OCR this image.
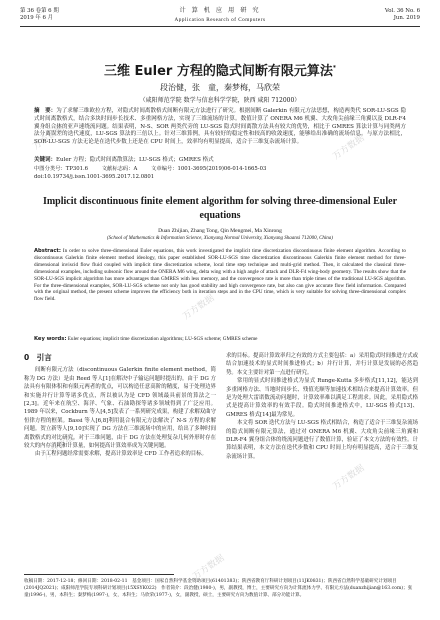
万方数据	万方数据
万方数据
万方数据
万方数据
万方数据
第 36 卷第 6 期
2019 年 6 月
计 算 机 应 用 研 究
Application Research of Computers
Vol. 36 No. 6
Jun. 2019
三维 Euler 方程的隐式间断有限元算法*
段治健，张　童，秦梦梅，马欣荣
（咸阳师范学院 数学与信息科学学院，陕西 咸阳 712000）
摘　要：为了求解三维欧拉方程，对隐式时间离散格式间断有限元方法进行了研究。根据间断 Galerkin 有限元方法思想，构造两类代 SOR-LU-SGS 隐式时间离散格式，结合多块时间步长技术、多重网格方法，实现了三维流场的计算。数值计算了 ONERA M6 机翼、大攻角尖前缘三角翼以及 DLR-F4 翼身组合体的亚声速绕流问题。结果表明，N-S、SOR 两类代旁的 LU-SGS 隐式时间离散方法具有较大的优势，相比于 GMRES 算法计算与同类两方法分离误差的迭代速度，LU-SGS 算法的三倍以上。针对三维算例，具有较好的稳定性和较高的收敛速度，能够给出准确的流场信息。与原方法相比，SOR-LU-SGS 方法无论是在迭代步数上还是在 CPU 时间上，效率均有明显提高，适合于三维复杂流场计算。
关键词：Euler 方程；隐式时间离散算法；LU-SGS 格式；GMRES 格式
中图分类号：TP301.6	文献标志码：A	文章编号：1001-3695(2019)06-014-1665-03
doi:10.19734/j.issn.1001-3695.2017.12.0801
Implicit discontinuous finite element algorithm for solving three-dimensional Euler equations
Duan Zhijian, Zhang Tong, Qin Mengmei, Ma Xinrong
(School of Mathematics & Information Science, Xianyang Normal University, Xianyang Shaanxi 712000, China)
Abstract: In order to solve three-dimensional Euler equations, this work investigated the implicit time discretization discontinuous finite element algorithm. According to discontinuous Galerkin finite element method ideology, this paper established SOR-LU-SGS time discretization discontinuous Galerkin finite element method for three-dimensional inviscid flow fluid coupled with implicit time discretization scheme, local time step technique and multi-grid method. Then, it calculated the classical three-dimensional examples, including subsonic flow around the ONERA M6 wing, delta wing with a high angle of attack and DLR-F4 wing-body geometry. The results show that the SOR-LU-SGS implicit algorithm has more advantages than GMRES with less memory, and the convergence rate is more than triple times of the traditional LU-SGS algorithm. For the three-dimensional examples, SOR-LU-SGS scheme not only has good stability and high convergence rate, but also can give accurate flow field information. Compared with the original method, the present scheme improves the efficiency both in iteration steps and in the CPU time, which is very suitable for solving three-dimensional complex flow field.
Key words: Euler equations; implicit time discretization algorithms; LU-SGS scheme; GMRES scheme
0　引言

间断有限元方法（discontinuous Galerkin finite element method，简称为 DG 方法）是由 Reed 等人[1]在解决中子输运问题时提出的。由于 DG 方法具有有限体积和有限元两者的优点，可以构造任意高阶的精度，易于处理边界和实施并行计算等诸多优点，所以被认为是 CFD 领域最具前景的算法之一[2,3]。近年来在航空、海洋、气象、石油勘探等诸多领域得到了广泛应用。1989 年以来，Cockburn 等人[4,5]发表了一系列研究成果，构建了求解双曲守恒律方程的框架。Bassi 等人[6,8]利用混合有限元方法解决了 N-S 方程的求解问题。贺立新等人[9,10]实现了 DG 方法在三维流场中的应用，给出了多种时间离散格式的对比研究。对于三维问题，由于 DG 方法在处理复杂几何外形时存在较大的内存消耗和计算量，如何提高计算效率成为关键问题。

由于工程问题经常需要求解，提高计算效率是 CFD 工作者追求的目标。

求的目标。提高计算效率归之有效的方式主要包括：a）采用隐式时间推进方式或结合加速技术的显式时间推进格式；b）并行计算，并行计算是发展的必然趋势。本文主要针对第一点进行研究。

常用的显式时间推进格式为显式 Runge-Kutta 多步格式[11,12]，能达到多重网格方法、当地时间步长、残值光顺等加速技术相结合来提高计算效率。但是为处理大雷诺数流动问题时，计算效率难以满足工程需求。因此，采用隐式格式是提高计算效率的有效手段。隐式时间推进格式中，LU-SGS 格式[13]、GMRES 格式[14]最为常见。

本文将 SOR 迭代方法与 LU-SGS 格式相结合，构造了适合于三维复杂流场的隐式间断有限元算法，通过对 ONERA M6 机翼、大攻角尖前缘三角翼和 DLR-F4 翼身组合体的绕流问题进行了数值计算，验证了本文方法的有效性。计算结果表明，本文方法在迭代步数和 CPU 时间上均有明显提高，适合于三维复杂流场计算。

收稿日期：2017-12-18；修回日期：2018-02-11　基金项目：国家自然科学基金资助项目(61401383)；陕西省教育厅科研计划项目(11JK0831)；陕西省自然科学基础研究计划项目(2014JQ2021)；咸阳师范学院专项科研计划项目(15XSYK022)　作者简介：段治健(1980-)，男，副教授，博士，主要研究方向为计算流体力学、有限元方法(duanzhijian@163.com)；张童(1996-)，男，本科生；秦梦梅(1997-)，女，本科生；马欣荣(1977-)，女，副教授，硕士，主要研究方向为数值计算、部分功能计算。
